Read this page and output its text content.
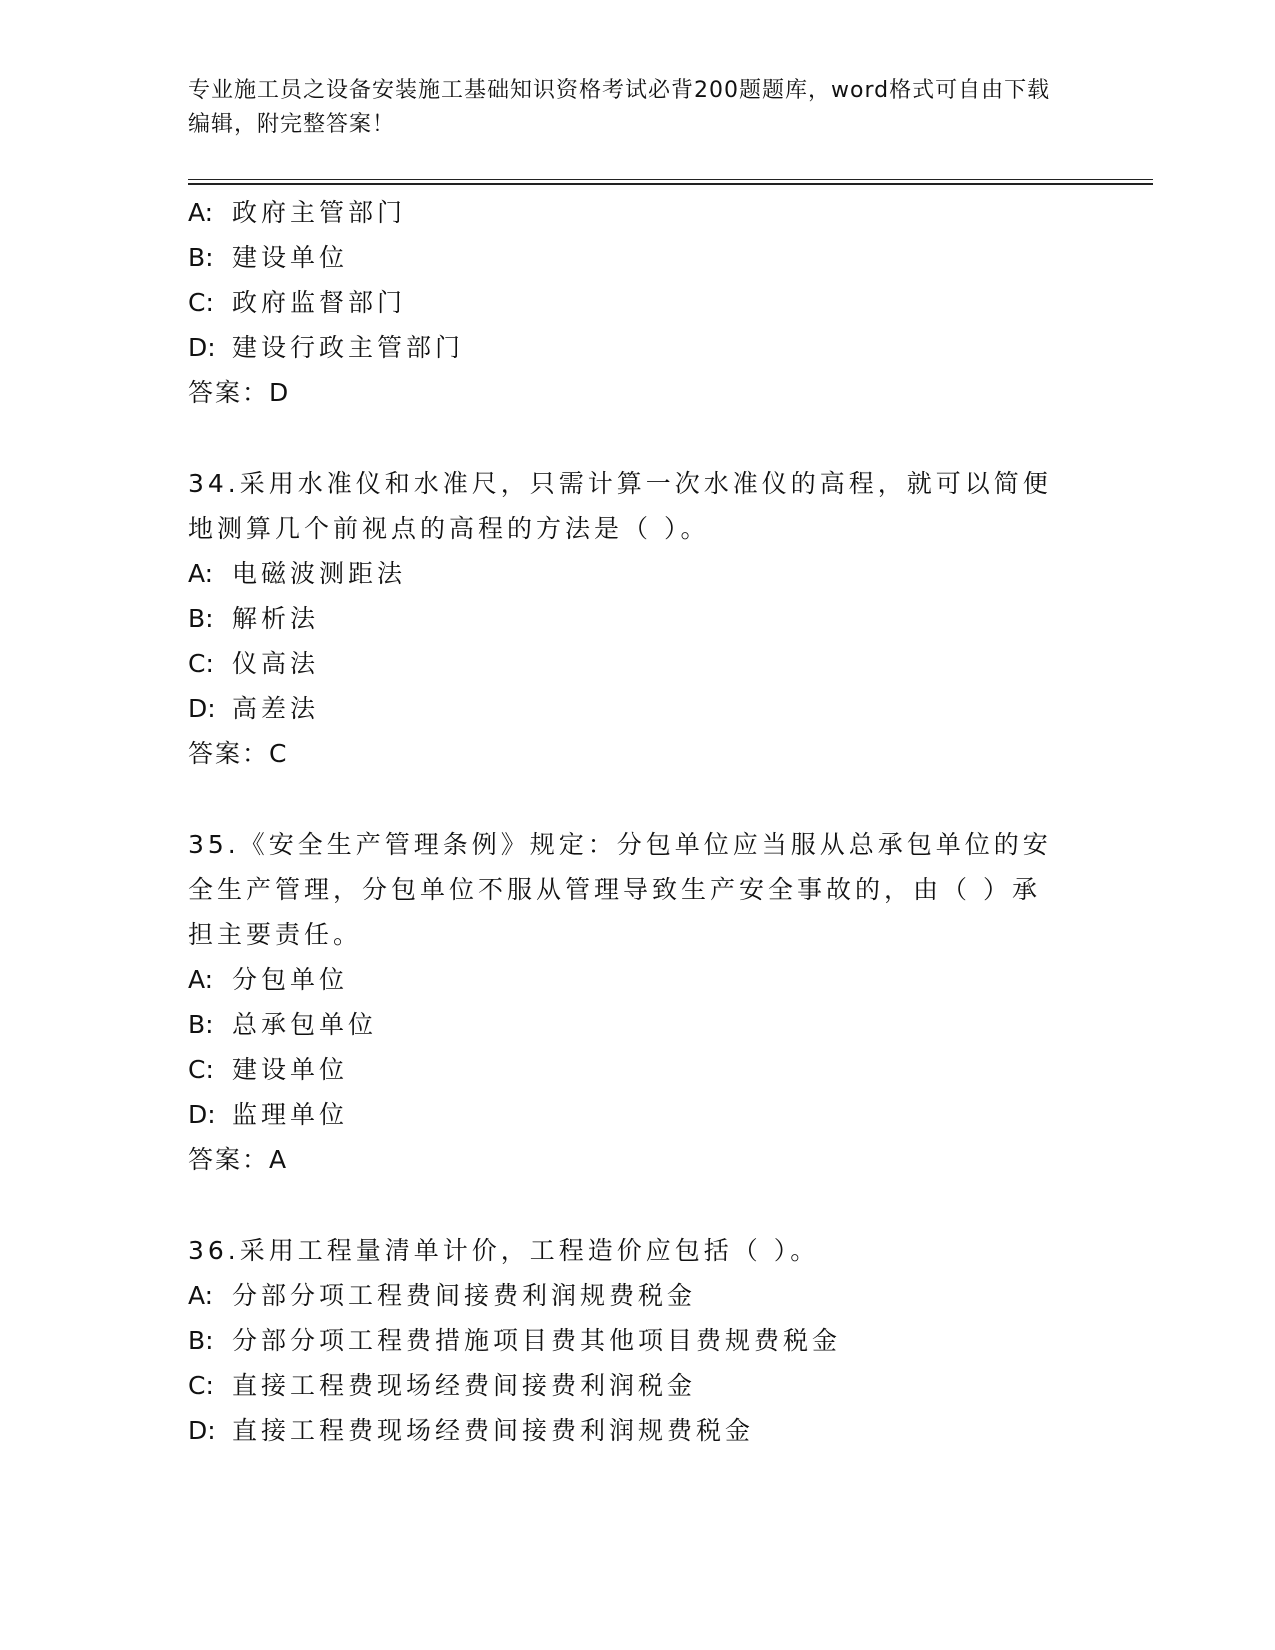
专业施工员之设备安装施工基础知识资格考试必背200题题库，word格式可自由下载编辑，附完整答案！
A: 政府主管部门
B: 建设单位
C: 政府监督部门
D: 建设行政主管部门
答案：D
34.采用水准仪和水准尺，只需计算一次水准仪的高程，就可以简便地测算几个前视点的高程的方法是（ ）。
A: 电磁波测距法
B: 解析法
C: 仪高法
D: 高差法
答案：C
35.《安全生产管理条例》规定：分包单位应当服从总承包单位的安全生产管理，分包单位不服从管理导致生产安全事故的，由（ ）承担主要责任。
A: 分包单位
B: 总承包单位
C: 建设单位
D: 监理单位
答案：A
36.采用工程量清单计价，工程造价应包括（ ）。
A: 分部分项工程费间接费利润规费税金
B: 分部分项工程费措施项目费其他项目费规费税金
C: 直接工程费现场经费间接费利润税金
D: 直接工程费现场经费间接费利润规费税金
